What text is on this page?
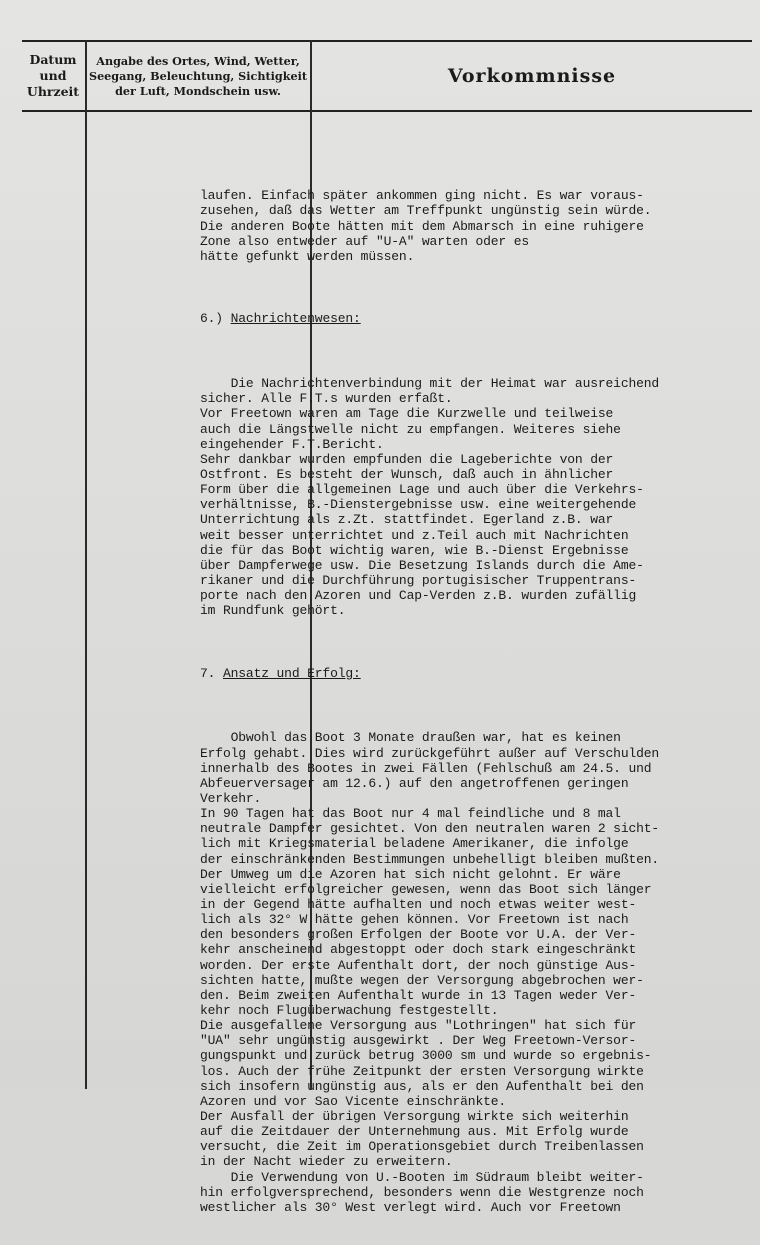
Datum
und
Uhrzeit
Angabe des Ortes, Wind, Wetter,
Seegang, Beleuchtung, Sichtigkeit
der Luft, Mondschein usw.
Vorkommnisse

laufen. Einfach später ankommen ging nicht. Es war voraus-
zusehen, daß das Wetter am Treffpunkt ungünstig sein würde.
Die anderen Boote hätten mit dem Abmarsch in eine ruhigere
Zone also entweder auf "U-A" warten oder es
hätte gefunkt werden müssen.

6.) Nachrichtenwesen:

Die Nachrichtenverbindung mit der Heimat war ausreichend
sicher. Alle F.T.s wurden erfaßt.
Vor Freetown waren am Tage die Kurzwelle und teilweise
auch die Längstwelle nicht zu empfangen. Weiteres siehe
eingehender F.T.Bericht.
Sehr dankbar wurden empfunden die Lageberichte von der
Ostfront. Es besteht der Wunsch, daß auch in ähnlicher
Form über die allgemeinen Lage und auch über die Verkehrs-
verhältnisse, B.-Dienstergebnisse usw. eine weitergehende
Unterrichtung als z.Zt. stattfindet. Egerland z.B. war
weit besser unterrichtet und z.Teil auch mit Nachrichten
die für das Boot wichtig waren, wie B.-Dienst Ergebnisse
über Dampferwege usw. Die Besetzung Islands durch die Ame-
rikaner und die Durchführung portugisischer Truppentrans-
porte nach den Azoren und Cap-Verden z.B. wurden zufällig
im Rundfunk gehört.

7. Ansatz und Erfolg:

Obwohl das Boot 3 Monate draußen war, hat es keinen
Erfolg gehabt. Dies wird zurückgeführt außer auf Verschulden
innerhalb des Bootes in zwei Fällen (Fehlschuß am 24.5. und
Abfeuerversager am 12.6.) auf den angetroffenen geringen
Verkehr.
In 90 Tagen hat das Boot nur 4 mal feindliche und 8 mal
neutrale Dampfer gesichtet. Von den neutralen waren 2 sicht-
lich mit Kriegsmaterial beladene Amerikaner, die infolge
der einschränkenden Bestimmungen unbehelligt bleiben mußten.
Der Umweg um die Azoren hat sich nicht gelohnt. Er wäre
vielleicht erfolgreicher gewesen, wenn das Boot sich länger
in der Gegend hätte aufhalten und noch etwas weiter west-
lich als 32° W hätte gehen können. Vor Freetown ist nach
den besonders großen Erfolgen der Boote vor U.A. der Ver-
kehr anscheinend abgestoppt oder doch stark eingeschränkt
worden. Der erste Aufenthalt dort, der noch günstige Aus-
sichten hatte, mußte wegen der Versorgung abgebrochen wer-
den. Beim zweiten Aufenthalt wurde in 13 Tagen weder Ver-
kehr noch Flugüberwachung festgestellt.
Die ausgefallene Versorgung aus "Lothringen" hat sich für
"UA" sehr ungünstig ausgewirkt . Der Weg Freetown-Versor-
gungspunkt und zurück betrug 3000 sm und wurde so ergebnis-
los. Auch der frühe Zeitpunkt der ersten Versorgung wirkte
sich insofern ungünstig aus, als er den Aufenthalt bei den
Azoren und vor Sao Vicente einschränkte.
Der Ausfall der übrigen Versorgung wirkte sich weiterhin
auf die Zeitdauer der Unternehmung aus. Mit Erfolg wurde
versucht, die Zeit im Operationsgebiet durch Treibenlassen
in der Nacht wieder zu erweitern.
Die Verwendung von U.-Booten im Südraum bleibt weiter-
hin erfolgversprechend, besonders wenn die Westgrenze noch
westlicher als 30° West verlegt wird. Auch vor Freetown
